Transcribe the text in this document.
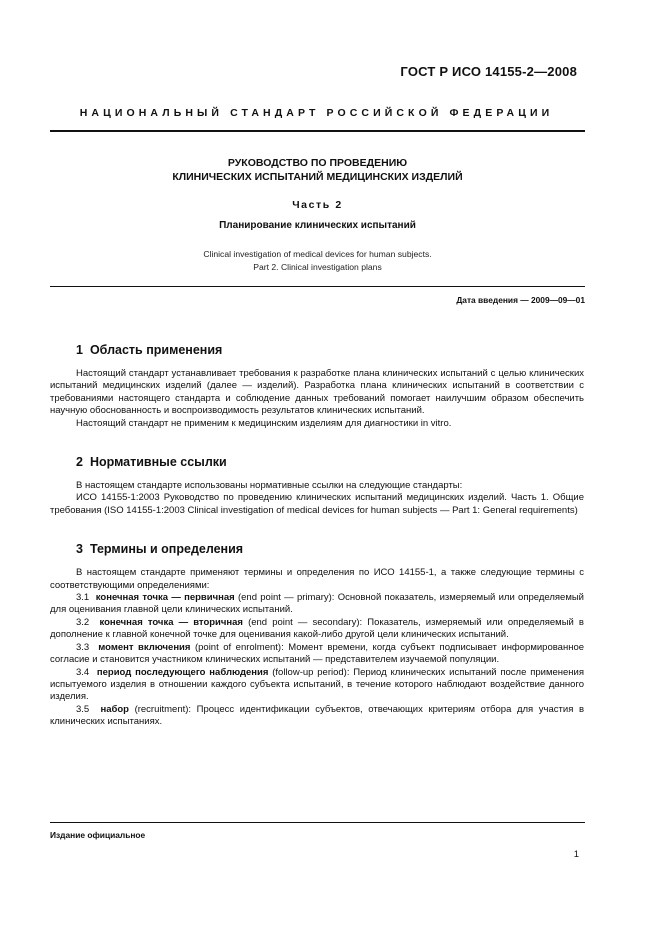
ГОСТ Р ИСО 14155-2—2008
НАЦИОНАЛЬНЫЙ СТАНДАРТ РОССИЙСКОЙ ФЕДЕРАЦИИ
РУКОВОДСТВО ПО ПРОВЕДЕНИЮ
КЛИНИЧЕСКИХ ИСПЫТАНИЙ МЕДИЦИНСКИХ ИЗДЕЛИЙ
Часть 2
Планирование клинических испытаний
Clinical investigation of medical devices for human subjects.
Part 2. Clinical investigation plans
Дата введения — 2009—09—01
1 Область применения

Настоящий стандарт устанавливает требования к разработке плана клинических испытаний с целью клинических испытаний медицинских изделий (далее — изделий). Разработка плана клинических испытаний в соответствии с требованиями настоящего стандарта и соблюдение данных требований помогает наилучшим образом обеспечить научную обоснованность и воспроизводимость результатов клинических испытаний.

Настоящий стандарт не применим к медицинским изделиям для диагностики in vitro.

2 Нормативные ссылки

В настоящем стандарте использованы нормативные ссылки на следующие стандарты:

ИСО 14155-1:2003 Руководство по проведению клинических испытаний медицинских изделий. Часть 1. Общие требования (ISO 14155-1:2003 Clinical investigation of medical devices for human subjects — Part 1: General requirements)

3 Термины и определения

В настоящем стандарте применяют термины и определения по ИСО 14155-1, а также следующие термины с соответствующими определениями:

3.1 конечная точка — первичная (end point — primary): Основной показатель, измеряемый или определяемый для оценивания главной цели клинических испытаний.

3.2 конечная точка — вторичная (end point — secondary): Показатель, измеряемый или определяемый в дополнение к главной конечной точке для оценивания какой-либо другой цели клинических испытаний.

3.3 момент включения (point of enrolment): Момент времени, когда субъект подписывает информированное согласие и становится участником клинических испытаний — представителем изучаемой популяции.

3.4 период последующего наблюдения (follow-up period): Период клинических испытаний после применения испытуемого изделия в отношении каждого субъекта испытаний, в течение которого наблюдают воздействие данного изделия.

3.5 набор (recruitment): Процесс идентификации субъектов, отвечающих критериям отбора для участия в клинических испытаниях.

Издание официальное
1
